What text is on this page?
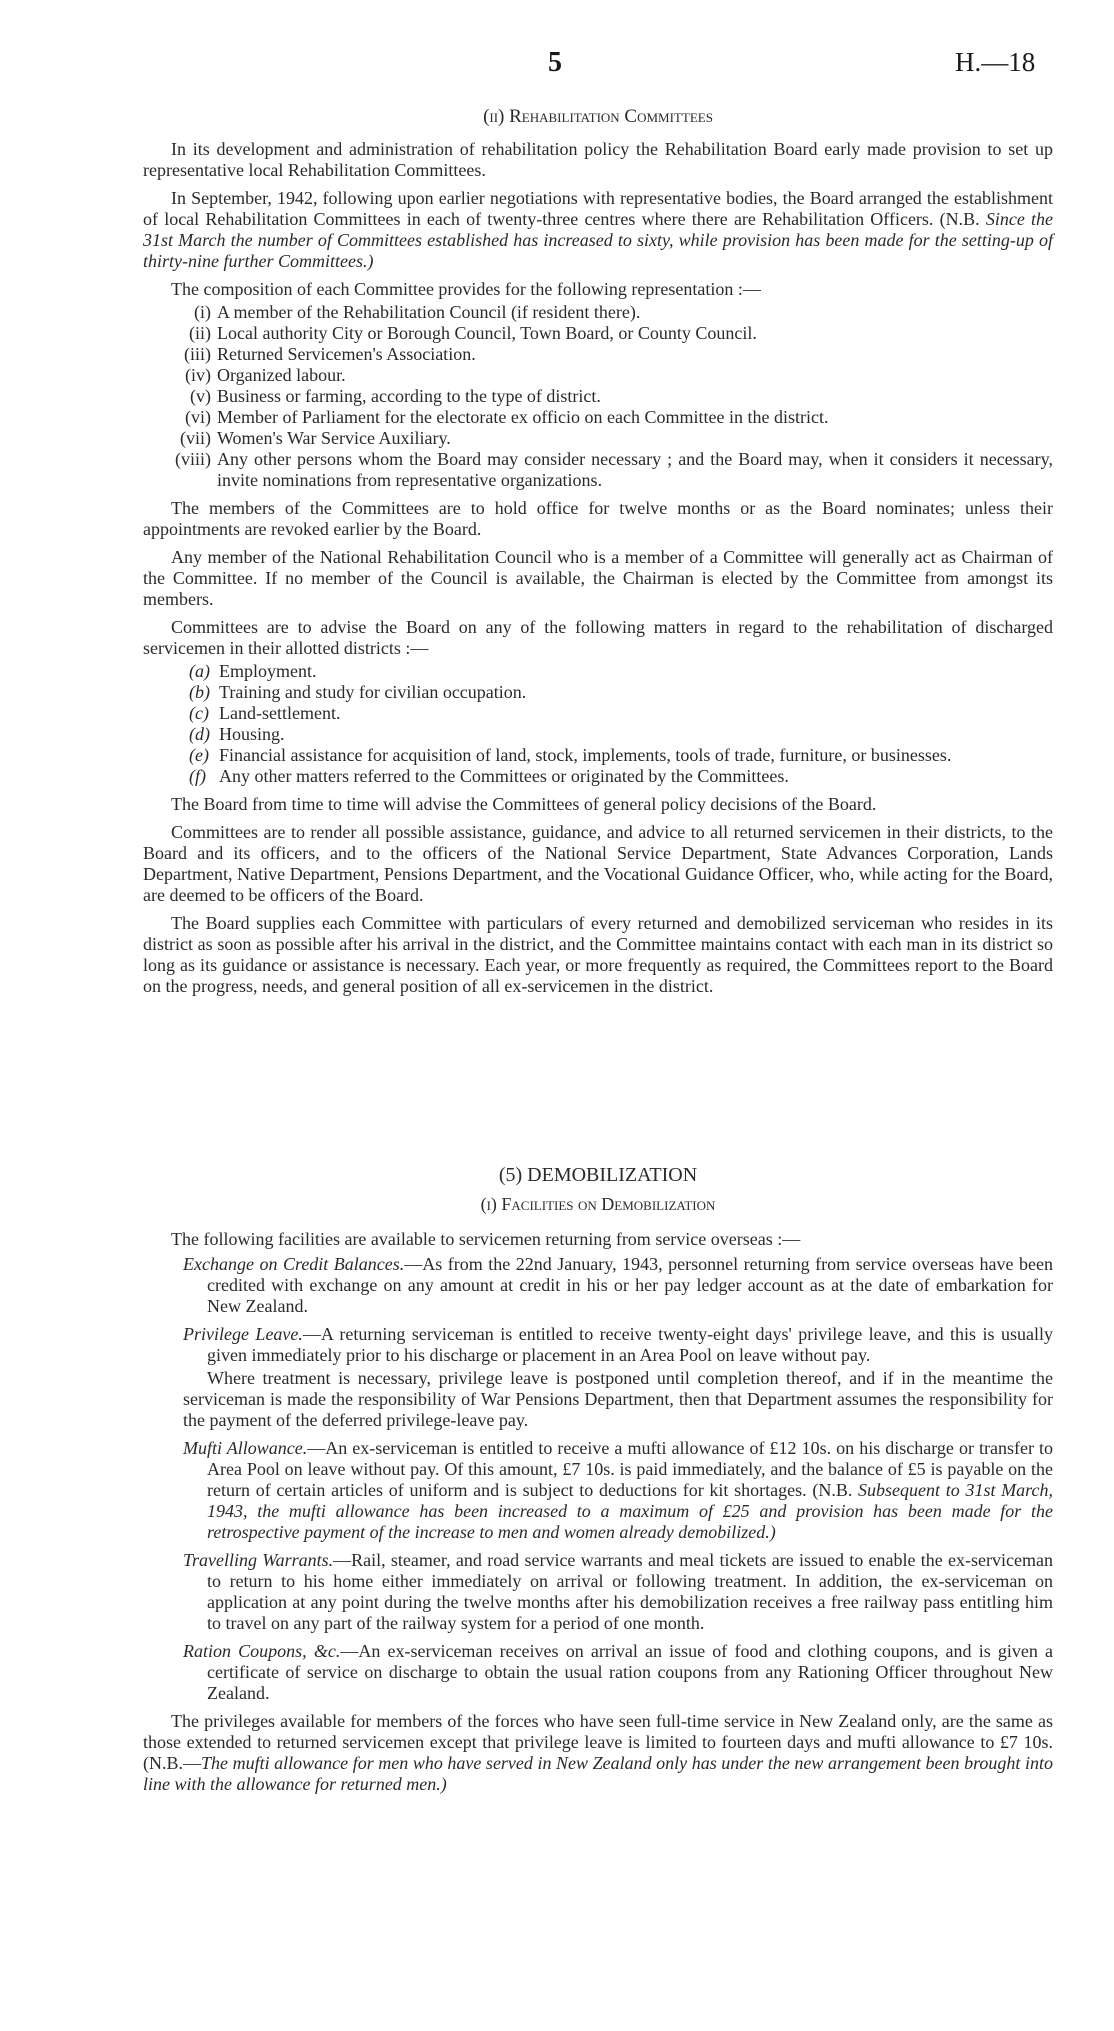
5	H.—18
(ii) Rehabilitation Committees

In its development and administration of rehabilitation policy the Rehabilitation Board early made provision to set up representative local Rehabilitation Committees.

In September, 1942, following upon earlier negotiations with representative bodies, the Board arranged the establishment of local Rehabilitation Committees in each of twenty-three centres where there are Rehabilitation Officers. (N.B. Since the 31st March the number of Committees established has increased to sixty, while provision has been made for the setting-up of thirty-nine further Committees.)

The composition of each Committee provides for the following representation :—

(i) A member of the Rehabilitation Council (if resident there).
(ii) Local authority City or Borough Council, Town Board, or County Council.
(iii) Returned Servicemen's Association.
(iv) Organized labour.
(v) Business or farming, according to the type of district.
(vi) Member of Parliament for the electorate ex officio on each Committee in the district.
(vii) Women's War Service Auxiliary.
(viii) Any other persons whom the Board may consider necessary ; and the Board may, when it considers it necessary, invite nominations from representative organizations.

The members of the Committees are to hold office for twelve months or as the Board nominates; unless their appointments are revoked earlier by the Board.

Any member of the National Rehabilitation Council who is a member of a Committee will generally act as Chairman of the Committee. If no member of the Council is available, the Chairman is elected by the Committee from amongst its members.

Committees are to advise the Board on any of the following matters in regard to the rehabilitation of discharged servicemen in their allotted districts :—

(a) Employment.
(b) Training and study for civilian occupation.
(c) Land-settlement.
(d) Housing.
(e) Financial assistance for acquisition of land, stock, implements, tools of trade, furniture, or businesses.
(f) Any other matters referred to the Committees or originated by the Committees.

The Board from time to time will advise the Committees of general policy decisions of the Board.

Committees are to render all possible assistance, guidance, and advice to all returned servicemen in their districts, to the Board and its officers, and to the officers of the National Service Department, State Advances Corporation, Lands Department, Native Department, Pensions Department, and the Vocational Guidance Officer, who, while acting for the Board, are deemed to be officers of the Board.

The Board supplies each Committee with particulars of every returned and demobilized serviceman who resides in its district as soon as possible after his arrival in the district, and the Committee maintains contact with each man in its district so long as its guidance or assistance is necessary. Each year, or more frequently as required, the Committees report to the Board on the progress, needs, and general position of all ex-servicemen in the district.

(5) DEMOBILIZATION
(i) Facilities on Demobilization

The following facilities are available to servicemen returning from service overseas :—

Exchange on Credit Balances.—As from the 22nd January, 1943, personnel returning from service overseas have been credited with exchange on any amount at credit in his or her pay ledger account as at the date of embarkation for New Zealand.

Privilege Leave.—A returning serviceman is entitled to receive twenty-eight days' privilege leave, and this is usually given immediately prior to his discharge or placement in an Area Pool on leave without pay.

Where treatment is necessary, privilege leave is postponed until completion thereof, and if in the meantime the serviceman is made the responsibility of War Pensions Department, then that Department assumes the responsibility for the payment of the deferred privilege-leave pay.

Mufti Allowance.—An ex-serviceman is entitled to receive a mufti allowance of £12 10s. on his discharge or transfer to Area Pool on leave without pay. Of this amount, £7 10s. is paid immediately, and the balance of £5 is payable on the return of certain articles of uniform and is subject to deductions for kit shortages. (N.B. Subsequent to 31st March, 1943, the mufti allowance has been increased to a maximum of £25 and provision has been made for the retrospective payment of the increase to men and women already demobilized.)

Travelling Warrants.—Rail, steamer, and road service warrants and meal tickets are issued to enable the ex-serviceman to return to his home either immediately on arrival or following treatment. In addition, the ex-serviceman on application at any point during the twelve months after his demobilization receives a free railway pass entitling him to travel on any part of the railway system for a period of one month.

Ration Coupons, &c.—An ex-serviceman receives on arrival an issue of food and clothing coupons, and is given a certificate of service on discharge to obtain the usual ration coupons from any Rationing Officer throughout New Zealand.

The privileges available for members of the forces who have seen full-time service in New Zealand only, are the same as those extended to returned servicemen except that privilege leave is limited to fourteen days and mufti allowance to £7 10s. (N.B.—The mufti allowance for men who have served in New Zealand only has under the new arrangement been brought into line with the allowance for returned men.)
